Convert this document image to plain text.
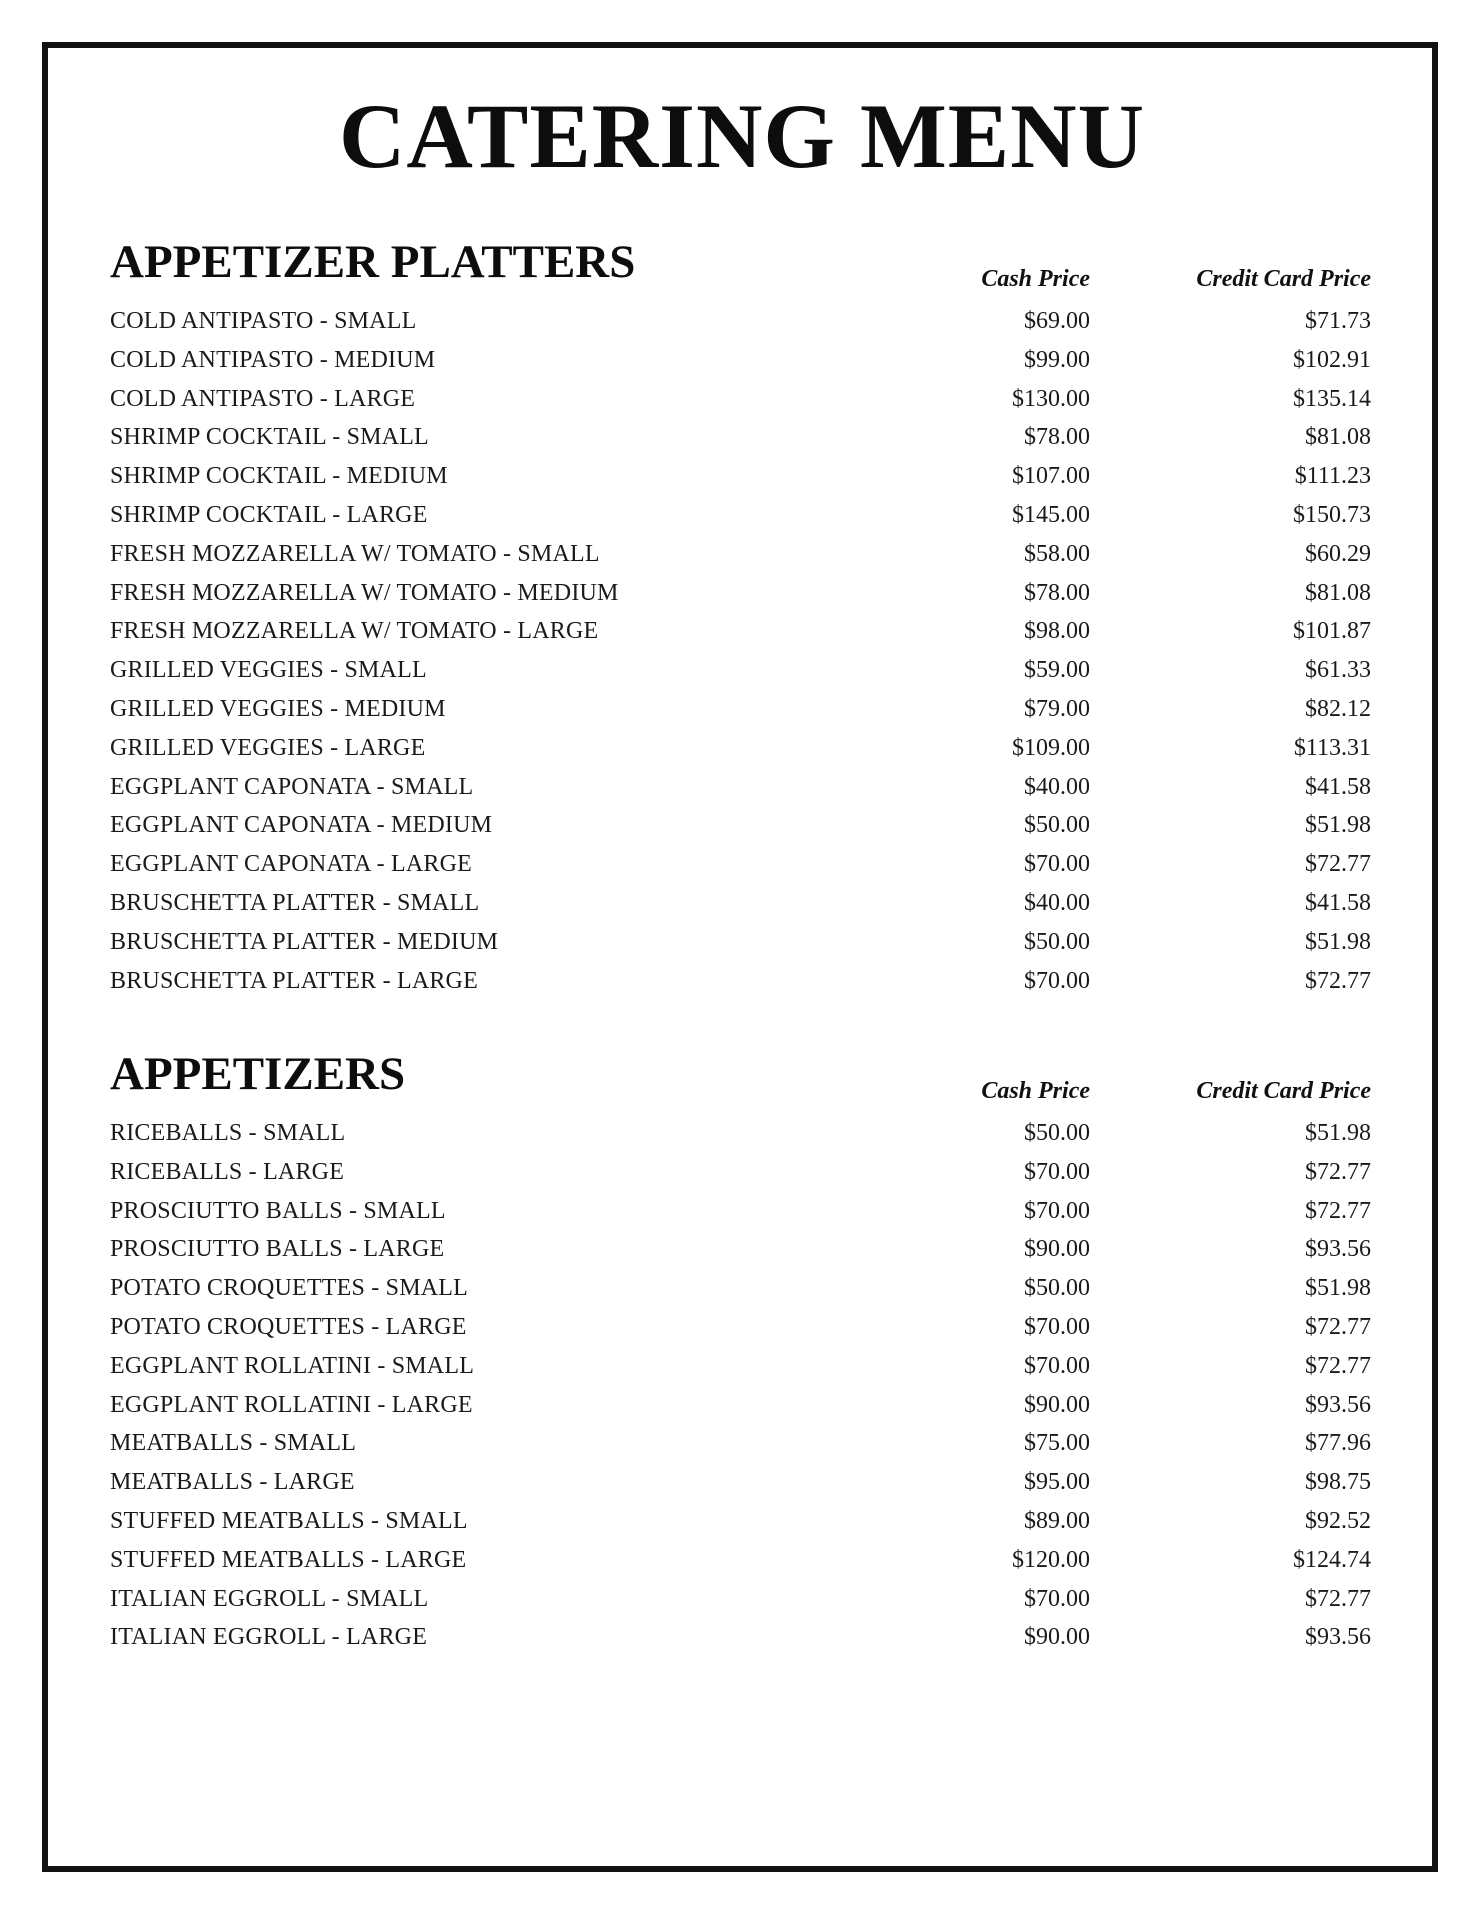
CATERING MENU
APPETIZER PLATTERS	Cash Price	Credit Card Price
COLD ANTIPASTO - SMALL	$69.00	$71.73
COLD ANTIPASTO - MEDIUM	$99.00	$102.91
COLD ANTIPASTO - LARGE	$130.00	$135.14
SHRIMP COCKTAIL - SMALL	$78.00	$81.08
SHRIMP COCKTAIL - MEDIUM	$107.00	$111.23
SHRIMP COCKTAIL - LARGE	$145.00	$150.73
FRESH MOZZARELLA W/ TOMATO - SMALL	$58.00	$60.29
FRESH MOZZARELLA W/ TOMATO - MEDIUM	$78.00	$81.08
FRESH MOZZARELLA W/ TOMATO - LARGE	$98.00	$101.87
GRILLED VEGGIES - SMALL	$59.00	$61.33
GRILLED VEGGIES - MEDIUM	$79.00	$82.12
GRILLED VEGGIES - LARGE	$109.00	$113.31
EGGPLANT CAPONATA - SMALL	$40.00	$41.58
EGGPLANT CAPONATA - MEDIUM	$50.00	$51.98
EGGPLANT CAPONATA - LARGE	$70.00	$72.77
BRUSCHETTA PLATTER - SMALL	$40.00	$41.58
BRUSCHETTA PLATTER - MEDIUM	$50.00	$51.98
BRUSCHETTA PLATTER - LARGE	$70.00	$72.77
APPETIZERS	Cash Price	Credit Card Price
RICEBALLS - SMALL	$50.00	$51.98
RICEBALLS - LARGE	$70.00	$72.77
PROSCIUTTO BALLS - SMALL	$70.00	$72.77
PROSCIUTTO BALLS - LARGE	$90.00	$93.56
POTATO CROQUETTES - SMALL	$50.00	$51.98
POTATO CROQUETTES - LARGE	$70.00	$72.77
EGGPLANT ROLLATINI - SMALL	$70.00	$72.77
EGGPLANT ROLLATINI - LARGE	$90.00	$93.56
MEATBALLS - SMALL	$75.00	$77.96
MEATBALLS - LARGE	$95.00	$98.75
STUFFED MEATBALLS - SMALL	$89.00	$92.52
STUFFED MEATBALLS - LARGE	$120.00	$124.74
ITALIAN EGGROLL - SMALL	$70.00	$72.77
ITALIAN EGGROLL - LARGE	$90.00	$93.56
